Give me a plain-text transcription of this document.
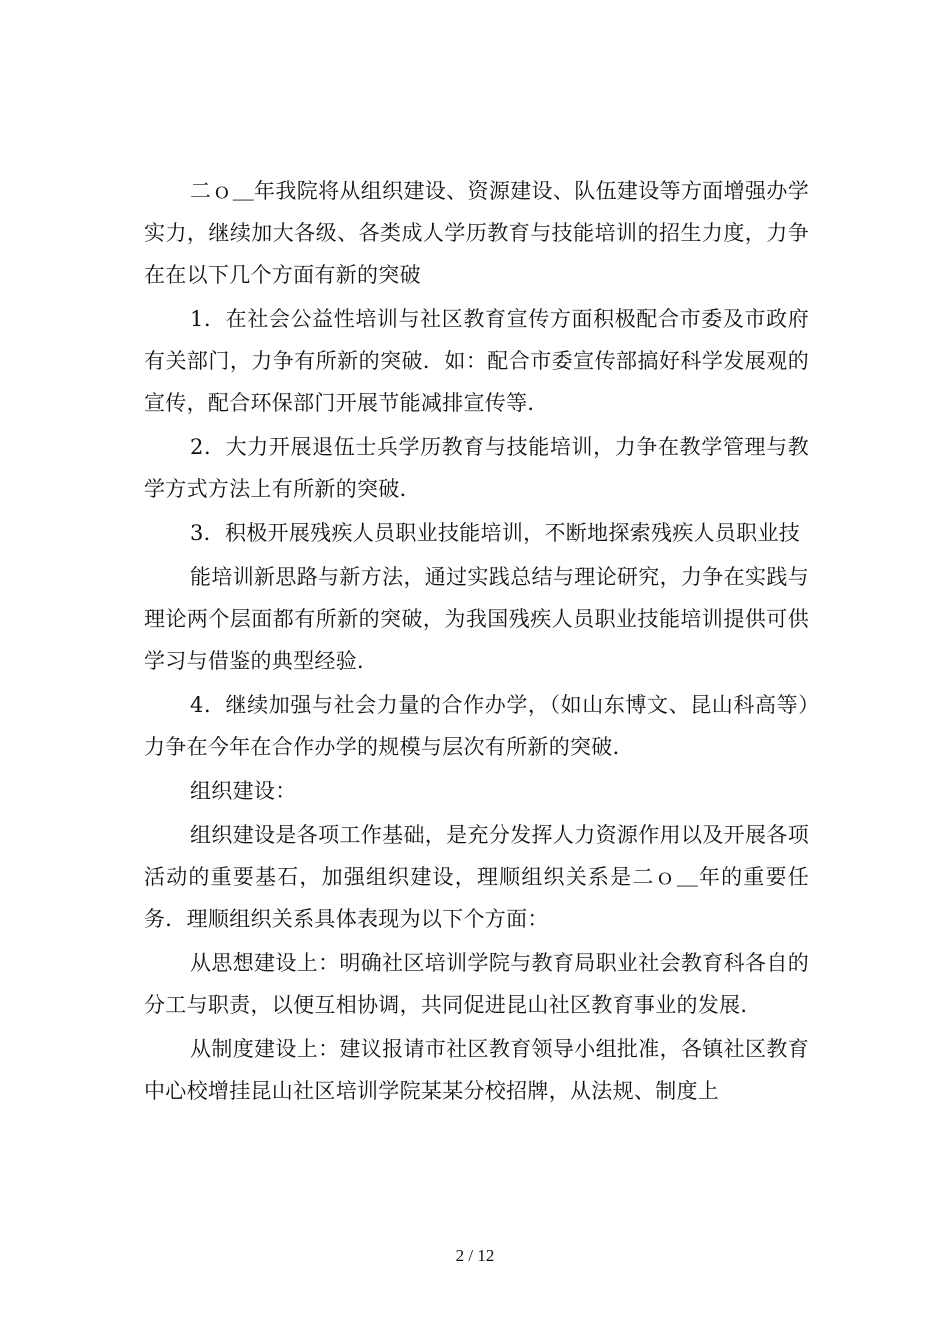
二ｏ＿年我院将从组织建设、资源建设、队伍建设等方面增强办学实力，继续加大各级、各类成人学历教育与技能培训的招生力度，力争在在以下几个方面有新的突破

1．在社会公益性培训与社区教育宣传方面积极配合市委及市政府有关部门，力争有所新的突破．如：配合市委宣传部搞好科学发展观的宣传，配合环保部门开展节能减排宣传等．

2．大力开展退伍士兵学历教育与技能培训，力争在教学管理与教学方式方法上有所新的突破．

3．积极开展残疾人员职业技能培训，不断地探索残疾人员职业技

能培训新思路与新方法，通过实践总结与理论研究，力争在实践与理论两个层面都有所新的突破，为我国残疾人员职业技能培训提供可供学习与借鉴的典型经验．

4．继续加强与社会力量的合作办学，（如山东博文、昆山科高等）力争在今年在合作办学的规模与层次有所新的突破．

组织建设：

组织建设是各项工作基础，是充分发挥人力资源作用以及开展各项活动的重要基石，加强组织建设，理顺组织关系是二ｏ＿年的重要任务．理顺组织关系具体表现为以下个方面：

从思想建设上：明确社区培训学院与教育局职业社会教育科各自的分工与职责，以便互相协调，共同促进昆山社区教育事业的发展．

从制度建设上：建议报请市社区教育领导小组批准，各镇社区教育中心校增挂昆山社区培训学院某某分校招牌，从法规、制度上

2 / 12
